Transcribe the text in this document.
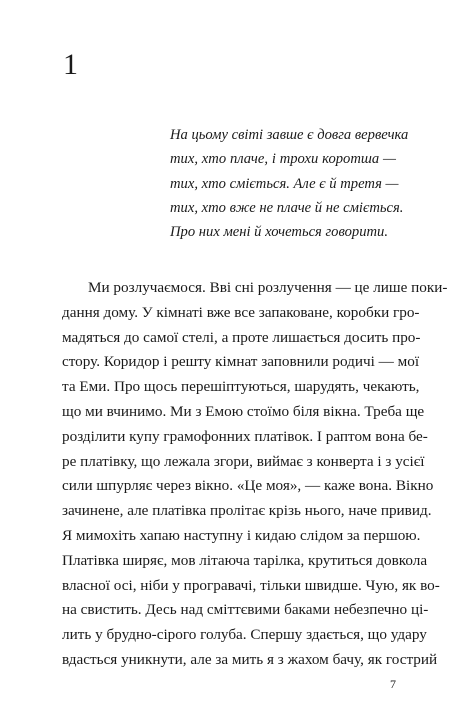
1
На цьому світі завше є довга вервечка
тих, хто плаче, і трохи коротша —
тих, хто сміється. Але є й третя —
тих, хто вже не плаче й не сміється.
Про них мені й хочеться говорити.
Ми розлучаємося. Вві сні розлучення — це лише поки-
дання дому. У кімнаті вже все запаковане, коробки гро-
мадяться до самої стелі, а проте лишається досить про-
стору. Коридор і решту кімнат заповнили родичі — мої
та Еми. Про щось перешіптуються, шарудять, чекають,
що ми вчинимо. Ми з Емою стоїмо біля вікна. Треба ще
розділити купу грамофонних платівок. І раптом вона бе-
ре платівку, що лежала згори, виймає з конверта і з усієї
сили шпурляє через вікно. «Це моя», — каже вона. Вікно
зачинене, але платівка пролітає крізь нього, наче привид.
Я мимохіть хапаю наступну і кидаю слідом за першою.
Платівка ширяє, мов літаюча тарілка, крутиться довкола
власної осі, ніби у програвачі, тільки швидше. Чую, як во-
на свистить. Десь над сміттєвими баками небезпечно ці-
лить у брудно-сірого голуба. Спершу здається, що удару
вдасться уникнути, але за мить я з жахом бачу, як гострий
7
